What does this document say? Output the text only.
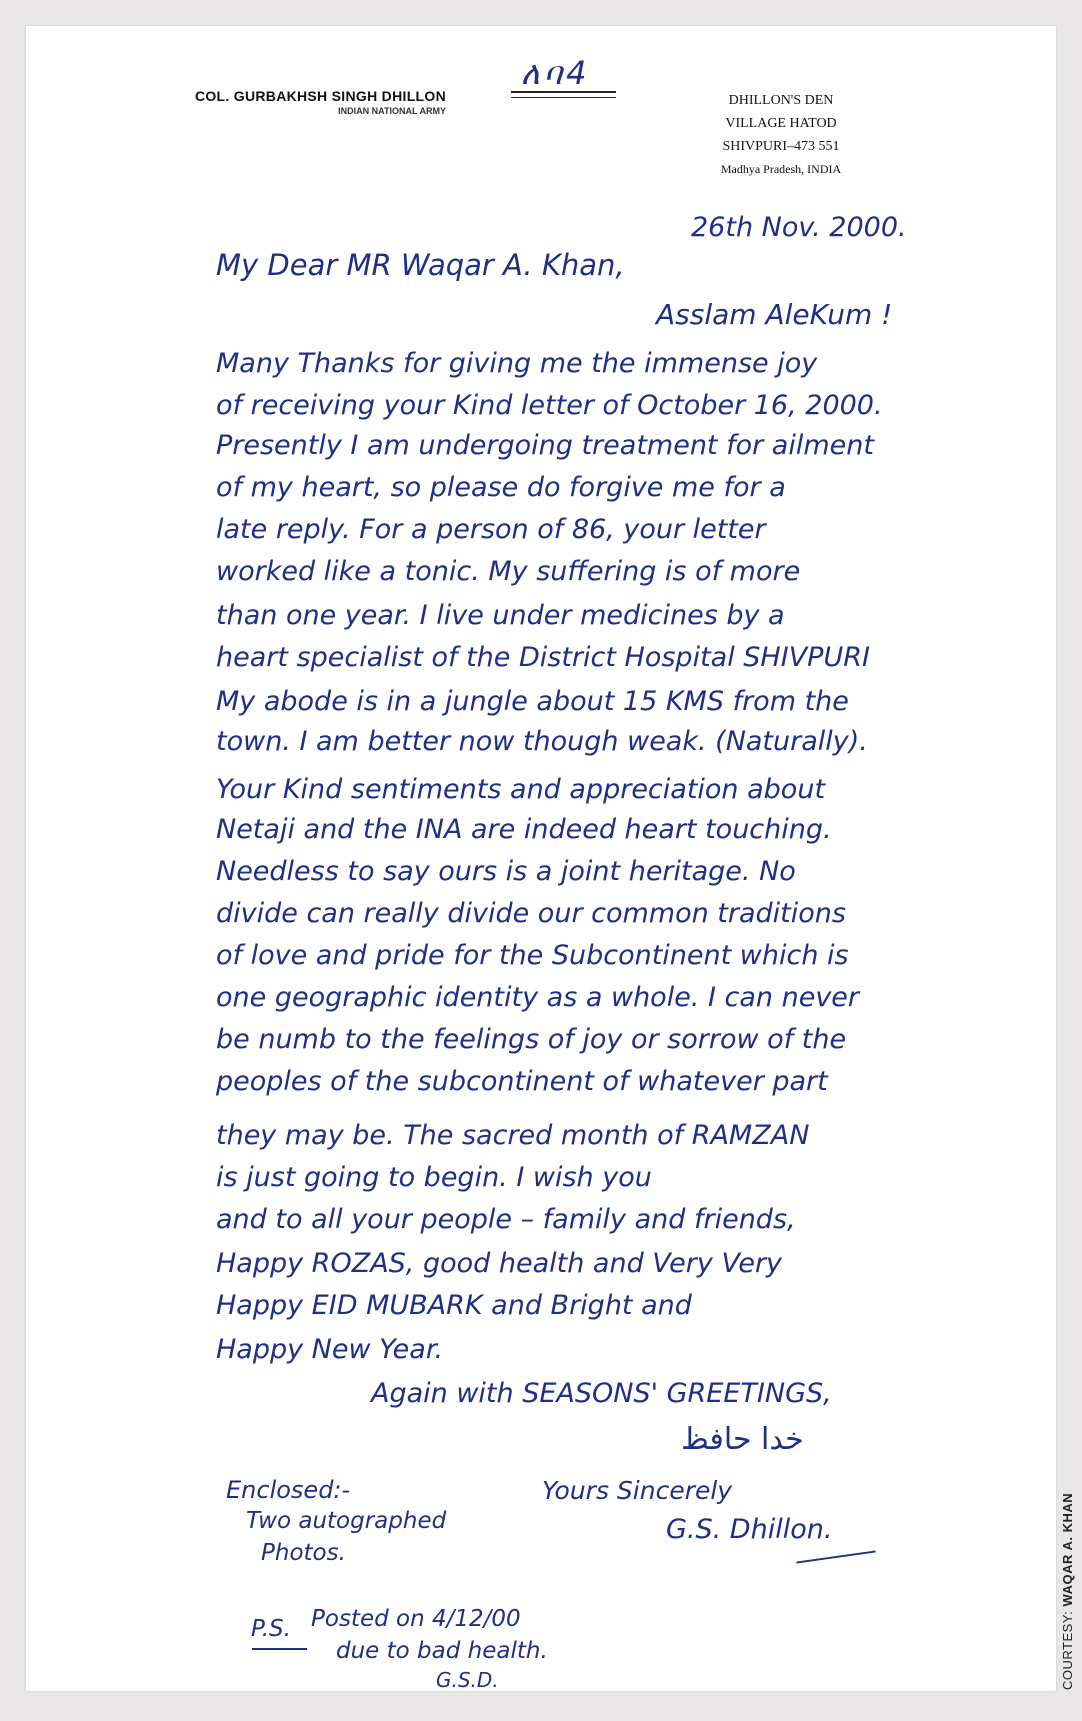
ለባ4
COL. GURBAKHSH SINGH DHILLON
INDIAN NATIONAL ARMY
DHILLON'S DEN
VILLAGE HATOD
SHIVPURI–473 551
Madhya Pradesh, INDIA
26th Nov. 2000.
My Dear MR Waqar A. Khan,
Asslam AleKum !
Many Thanks for giving me the immense joy
of receiving your Kind letter of October 16, 2000.
Presently I am undergoing treatment for ailment
of my heart, so please do forgive me for a
late reply. For a person of 86, your letter
worked like a tonic. My suffering is of more
than one year. I live under medicines by a
heart specialist of the District Hospital SHIVPURI
My abode is in a jungle about 15 KMS from the
town. I am better now though weak. (Naturally).
Your Kind sentiments and appreciation about
Netaji and the INA are indeed heart touching.
Needless to say ours is a joint heritage. No
divide can really divide our common traditions
of love and pride for the Subcontinent which is
one geographic identity as a whole. I can never
be numb to the feelings of joy or sorrow of the
peoples of the subcontinent of whatever part
they may be. The sacred month of RAMZAN
is just going to begin. I wish you
and to all your people – family and friends,
Happy ROZAS, good health and Very Very
Happy EID MUBARK and Bright and
Happy New Year.
Again with SEASONS' GREETINGS,
خدا حافظ
Enclosed:-
Two autographed
Photos.
Yours Sincerely
G.S. Dhillon.
P.S. Posted on 4/12/00
due to bad health.
G.S.D.	COURTESY: WAQAR A. KHAN
